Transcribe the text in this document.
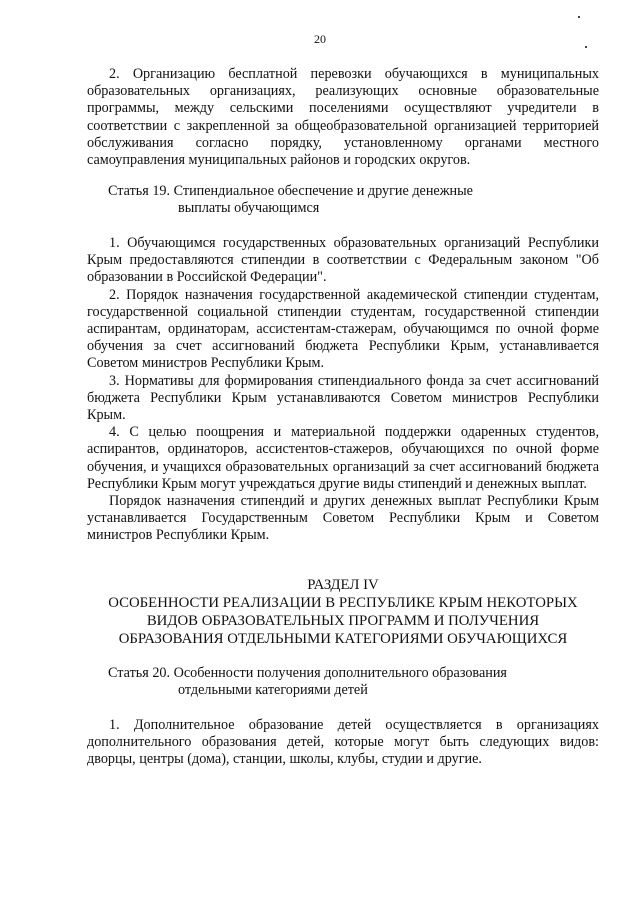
20

2. Организацию бесплатной перевозки обучающихся в муниципальных образовательных организациях, реализующих основные образовательные программы, между сельскими поселениями осуществляют учредители в соответствии с закрепленной за общеобразовательной организацией территорией обслуживания согласно порядку, установленному органами местного самоуправления муниципальных районов и городских округов.

Статья 19. Стипендиальное обеспечение и другие денежные
выплаты обучающимся

1. Обучающимся государственных образовательных организаций Республики Крым предоставляются стипендии в соответствии с Федеральным законом "Об образовании в Российской Федерации".

2. Порядок назначения государственной академической стипендии студентам, государственной социальной стипендии студентам, государственной стипендии аспирантам, ординаторам, ассистентам-стажерам, обучающимся по очной форме обучения за счет ассигнований бюджета Республики Крым, устанавливается Советом министров Республики Крым.

3. Нормативы для формирования стипендиального фонда за счет ассигнований бюджета Республики Крым устанавливаются Советом министров Республики Крым.

4. С целью поощрения и материальной поддержки одаренных студентов, аспирантов, ординаторов, ассистентов-стажеров, обучающихся по очной форме обучения, и учащихся образовательных организаций за счет ассигнований бюджета Республики Крым могут учреждаться другие виды стипендий и денежных выплат.

Порядок назначения стипендий и других денежных выплат Республики Крым устанавливается Государственным Советом Республики Крым и Советом министров Республики Крым.

РАЗДЕЛ IV
ОСОБЕННОСТИ РЕАЛИЗАЦИИ В РЕСПУБЛИКЕ КРЫМ НЕКОТОРЫХ
ВИДОВ ОБРАЗОВАТЕЛЬНЫХ ПРОГРАММ И ПОЛУЧЕНИЯ
ОБРАЗОВАНИЯ ОТДЕЛЬНЫМИ КАТЕГОРИЯМИ ОБУЧАЮЩИХСЯ
Статья 20. Особенности получения дополнительного образования
отдельными категориями детей

1. Дополнительное образование детей осуществляется в организациях дополнительного образования детей, которые могут быть следующих видов: дворцы, центры (дома), станции, школы, клубы, студии и другие.
